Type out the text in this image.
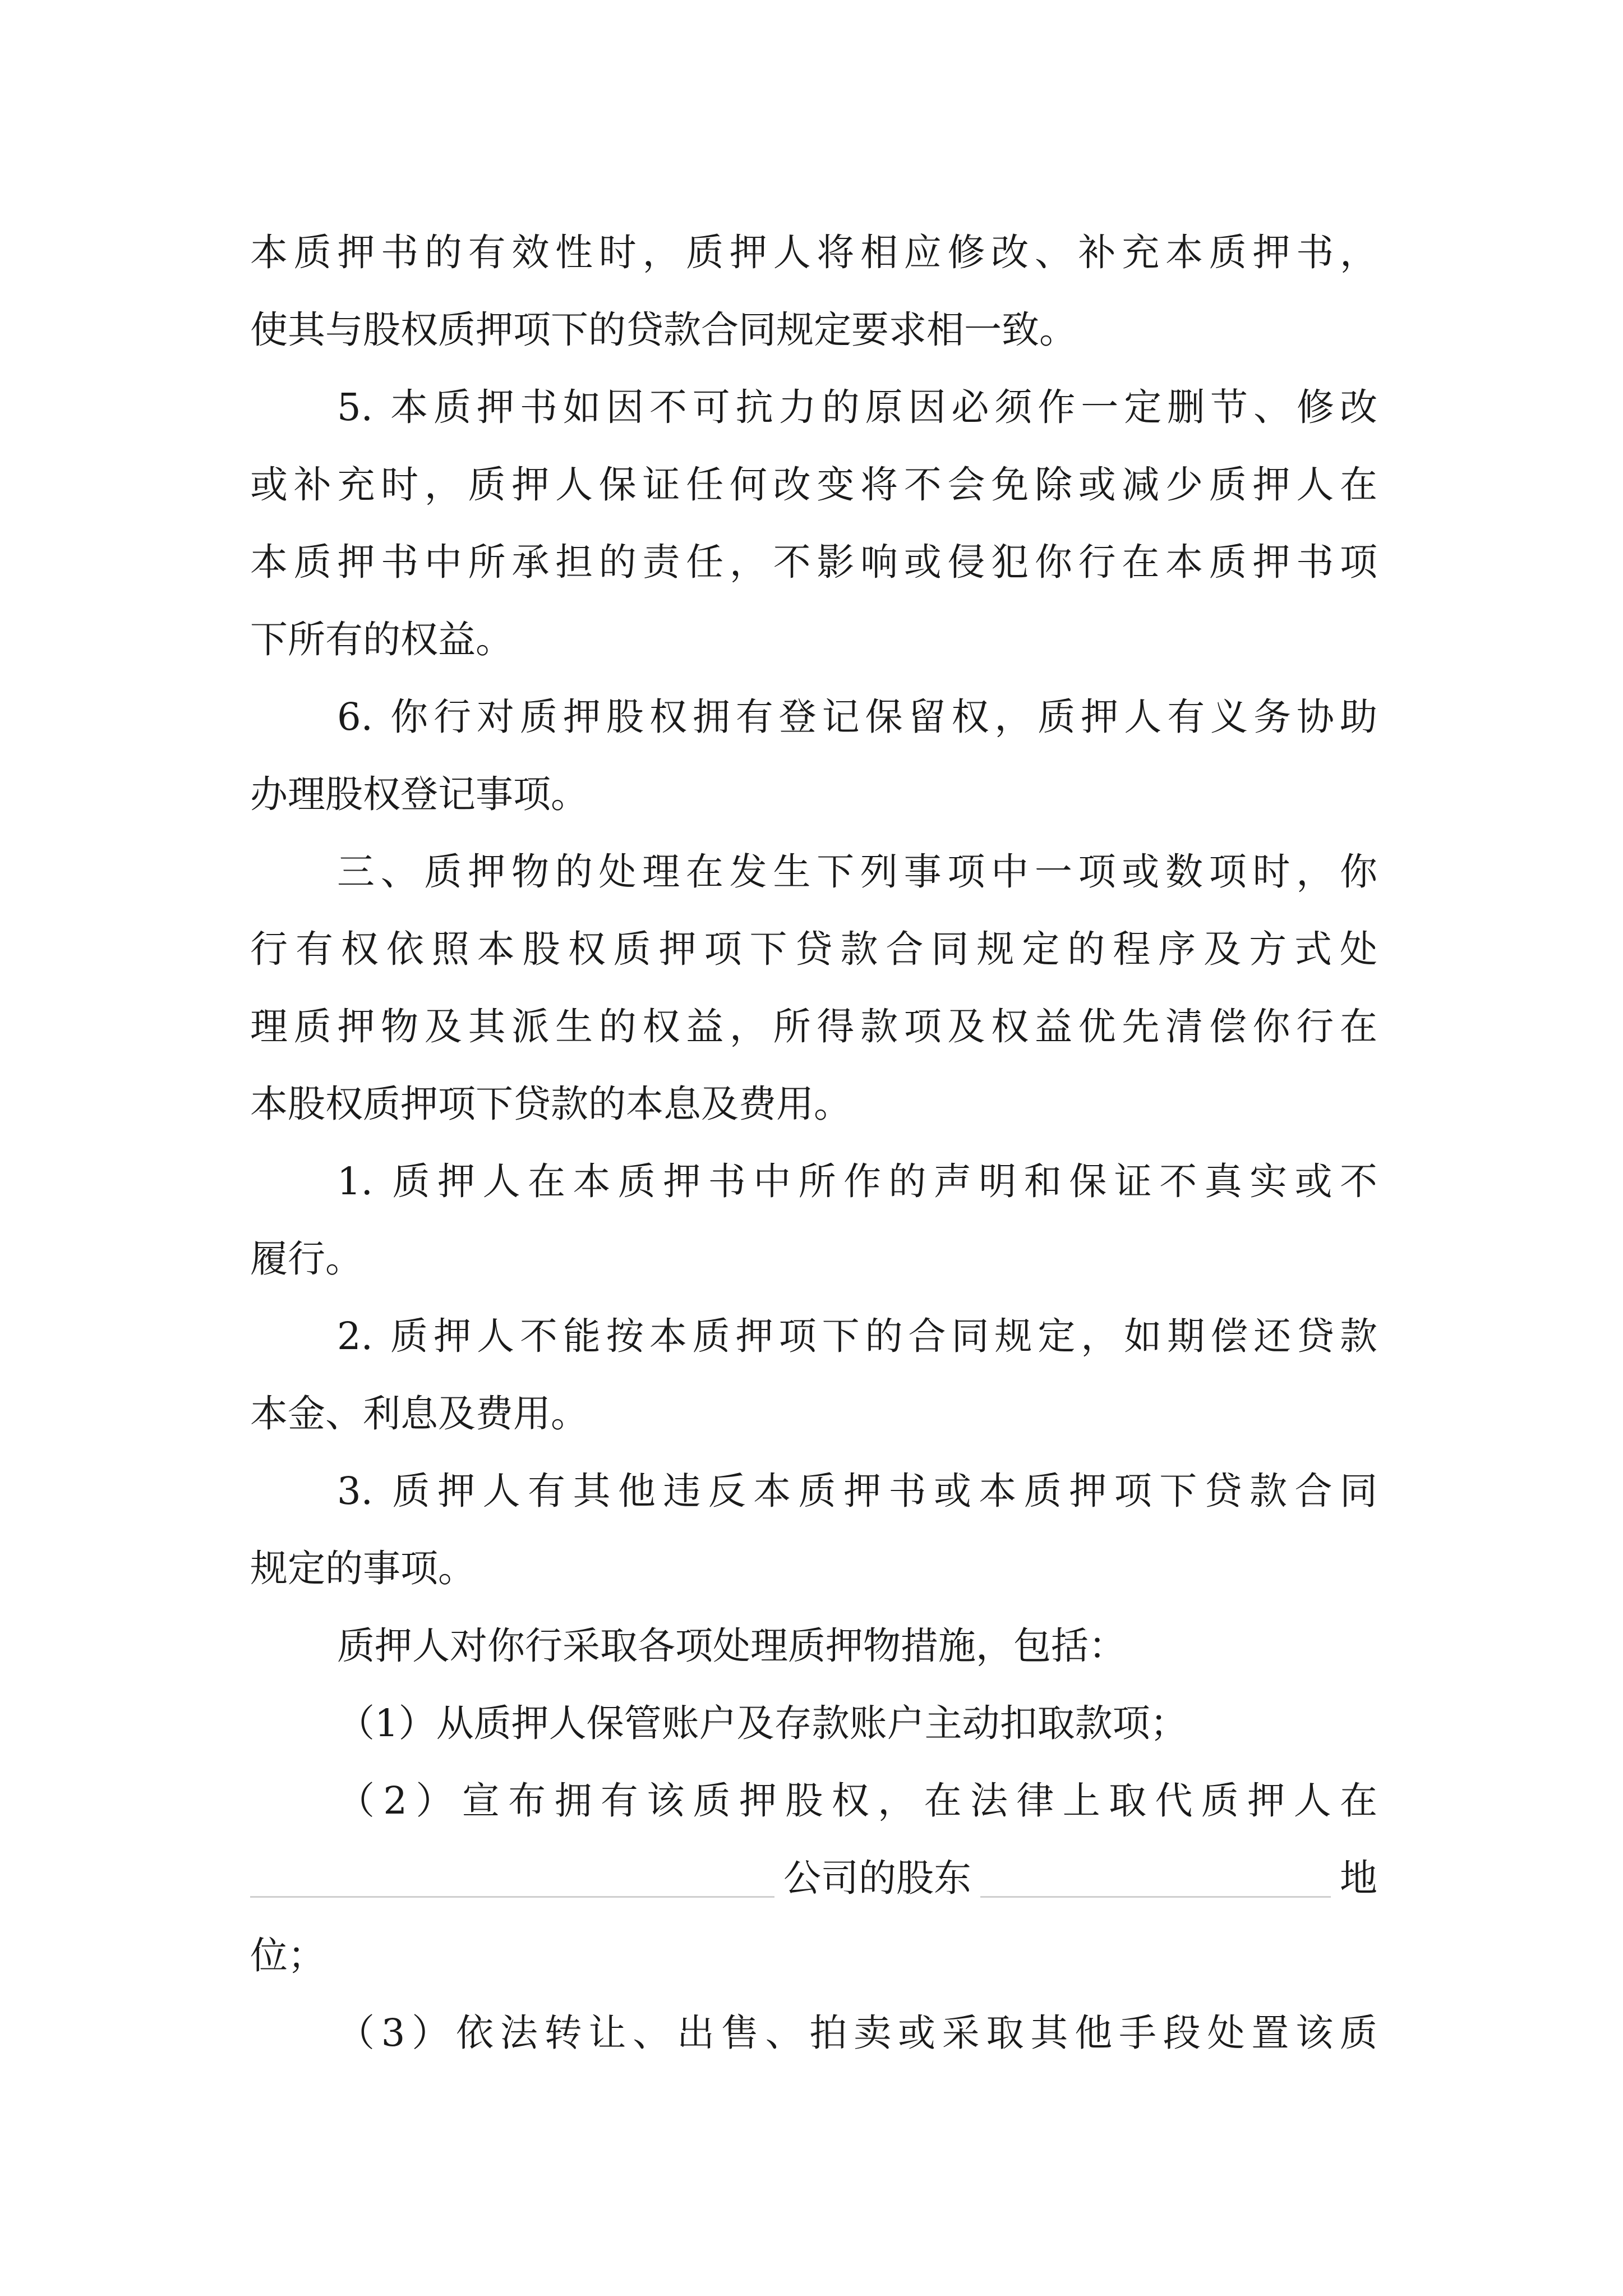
本质押书的有效性时，质押人将相应修改、补充本质押书，
使其与股权质押项下的贷款合同规定要求相一致。
5. 本质押书如因不可抗力的原因必须作一定删节、修改
或补充时，质押人保证任何改变将不会免除或减少质押人在
本质押书中所承担的责任，不影响或侵犯你行在本质押书项
下所有的权益。
6. 你行对质押股权拥有登记保留权，质押人有义务协助
办理股权登记事项。
三、质押物的处理在发生下列事项中一项或数项时，你
行有权依照本股权质押项下贷款合同规定的程序及方式处
理质押物及其派生的权益，所得款项及权益优先清偿你行在
本股权质押项下贷款的本息及费用。
1. 质押人在本质押书中所作的声明和保证不真实或不
履行。
2. 质押人不能按本质押项下的合同规定，如期偿还贷款
本金、利息及费用。
3. 质押人有其他违反本质押书或本质押项下贷款合同
规定的事项。
质押人对你行采取各项处理质押物措施，包括：
（1）从质押人保管账户及存款账户主动扣取款项；
（2）宣布拥有该质押股权，在法律上取代质押人在
公司的股东	地
位；
（3）依法转让、出售、拍卖或采取其他手段处置该质
